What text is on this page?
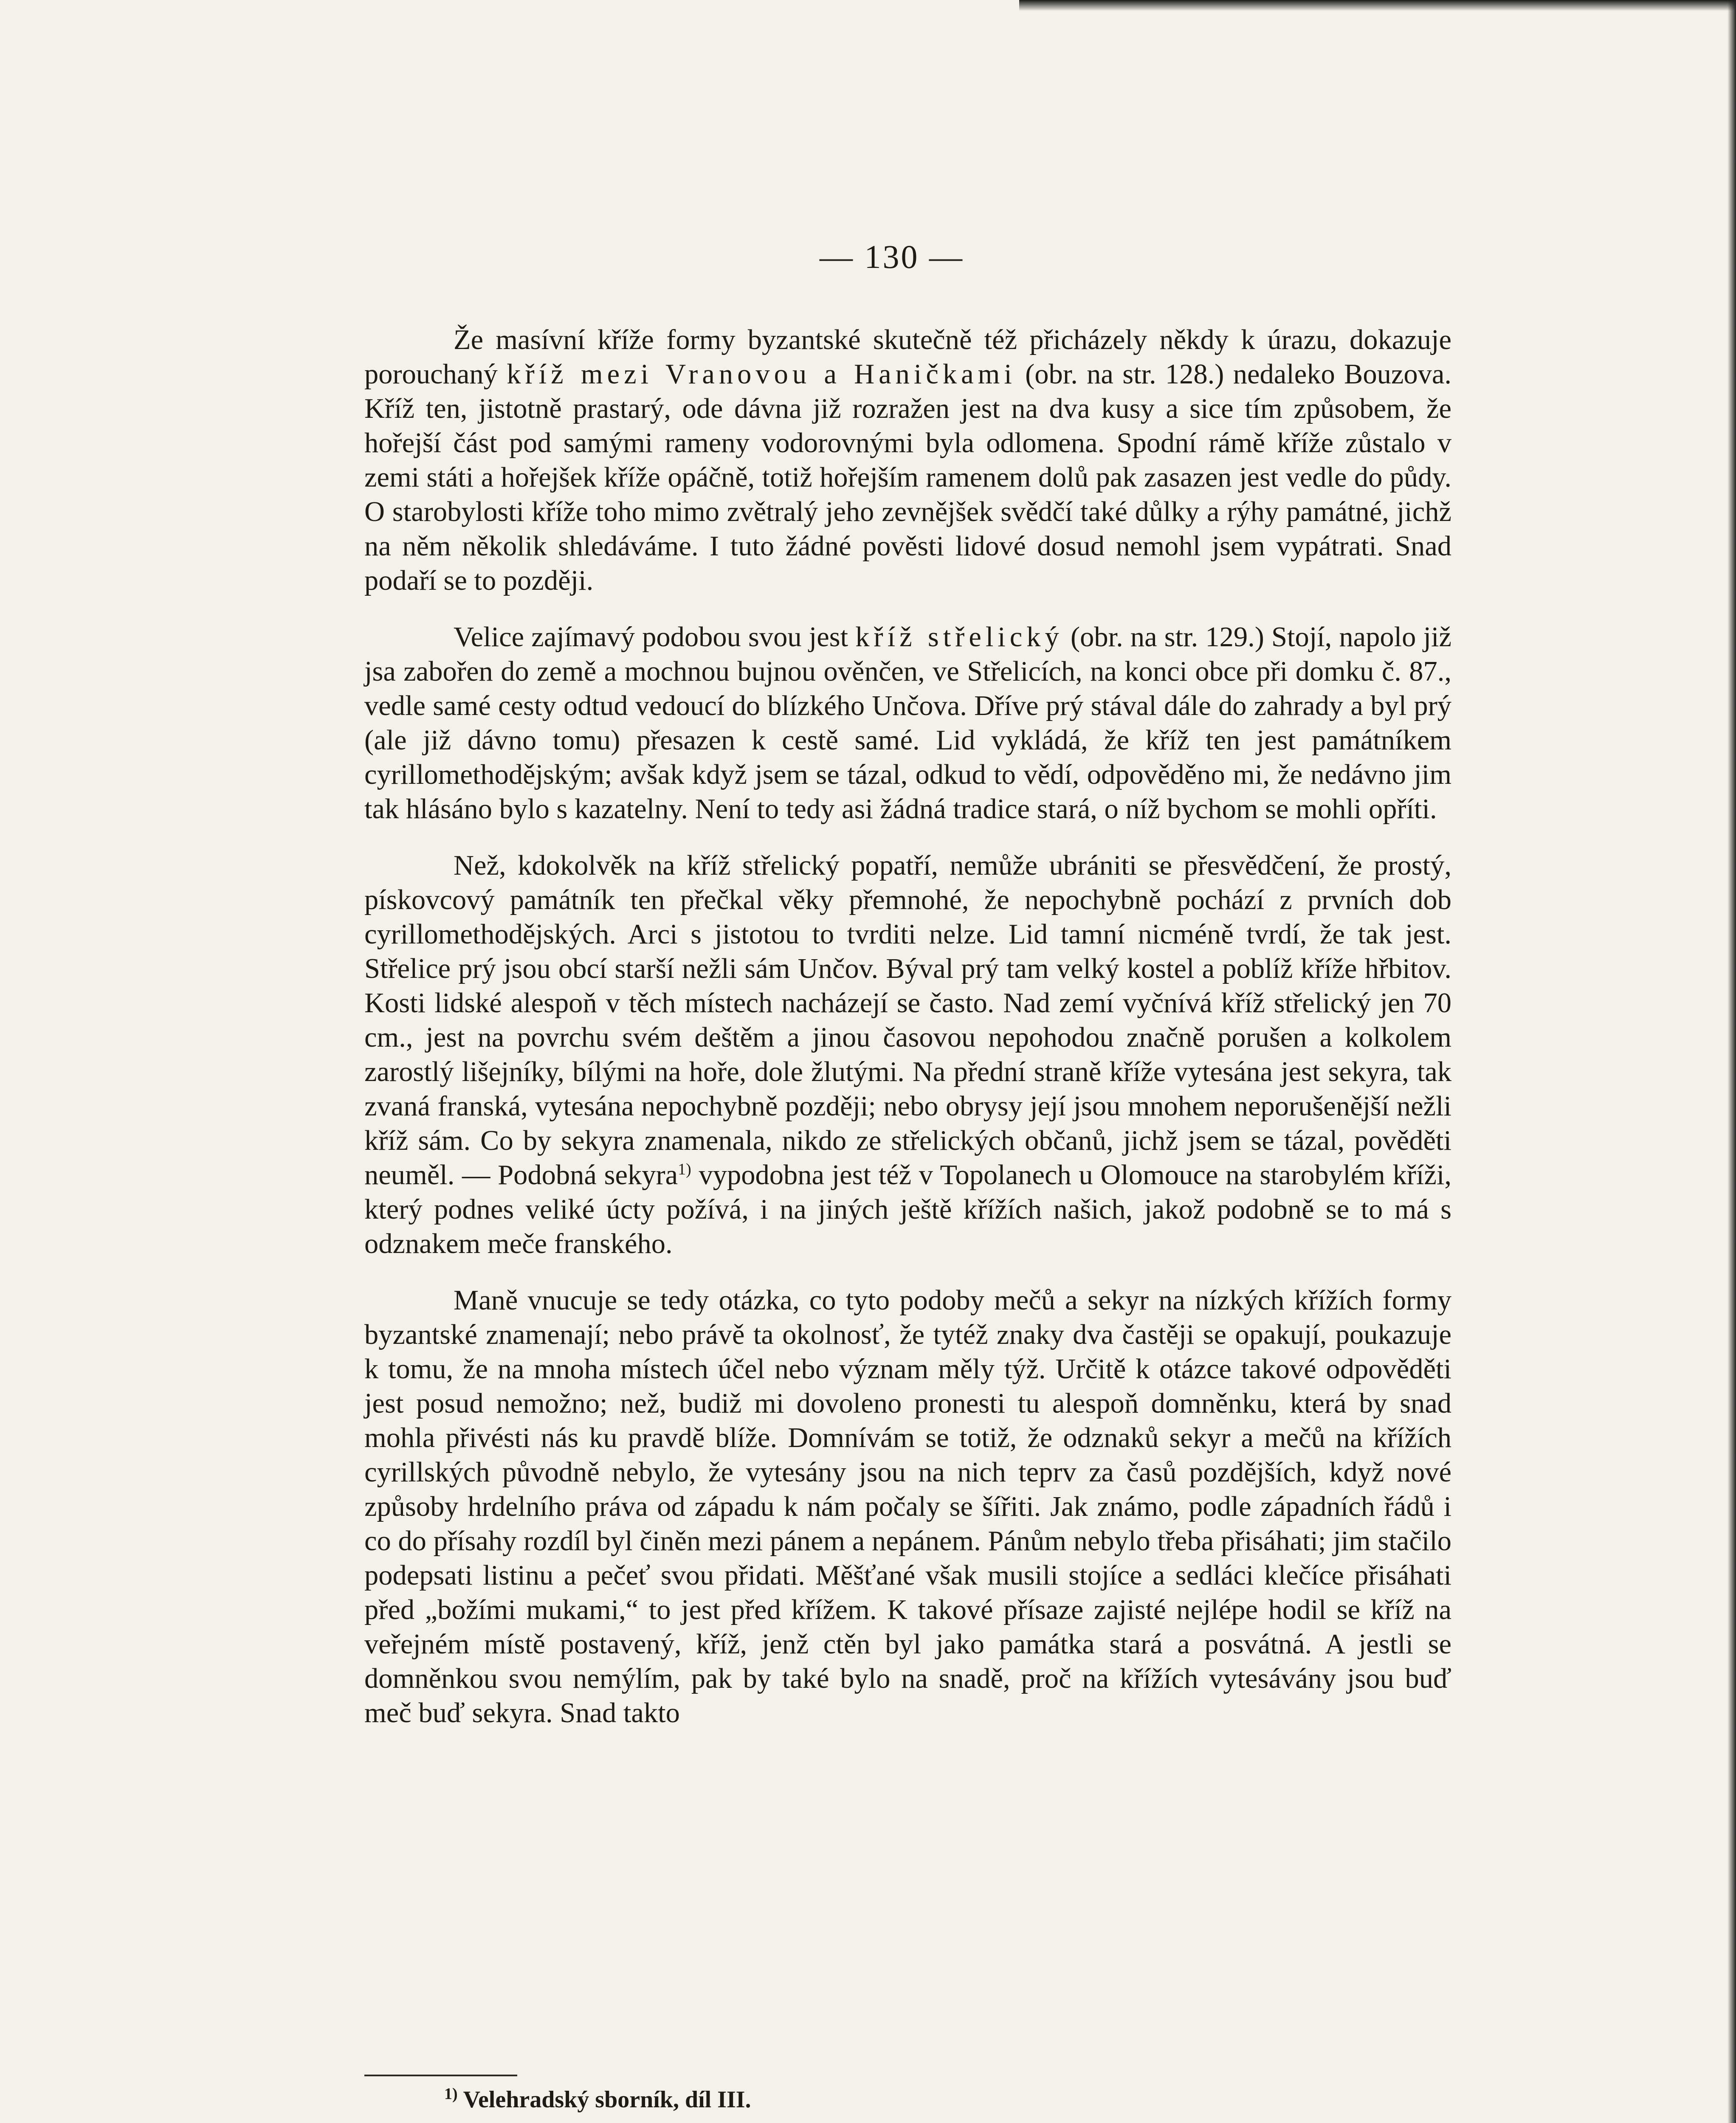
— 130 —

Že masívní kříže formy byzantské skutečně též přicházely někdy k úrazu, dokazuje porouchaný kříž mezi Vranovou a Haničkami (obr. na str. 128.) nedaleko Bouzova. Kříž ten, jistotně prastarý, ode dávna již rozražen jest na dva kusy a sice tím způsobem, že hořejší část pod samými rameny vodorovnými byla odlomena. Spodní rámě kříže zůstalo v zemi státi a hořejšek kříže opáčně, totiž hořejším ramenem dolů pak zasazen jest vedle do půdy. O starobylosti kříže toho mimo zvětralý jeho zevnějšek svědčí také důlky a rýhy památné, jichž na něm několik shledáváme. I tuto žádné pověsti lidové dosud nemohl jsem vypátrati. Snad podaří se to později.

Velice zajímavý podobou svou jest kříž střelický (obr. na str. 129.) Stojí, napolo již jsa zabořen do země a mochnou bujnou ověnčen, ve Střelicích, na konci obce při domku č. 87., vedle samé cesty odtud vedoucí do blízkého Unčova. Dříve prý stával dále do zahrady a byl prý (ale již dávno tomu) přesazen k cestě samé. Lid vykládá, že kříž ten jest památníkem cyrillomethodějským; avšak když jsem se tázal, odkud to vědí, odpověděno mi, že nedávno jim tak hlásáno bylo s kazatelny. Není to tedy asi žádná tradice stará, o níž bychom se mohli opříti.

Než, kdokolvěk na kříž střelický popatří, nemůže ubrániti se přesvědčení, že prostý, pískovcový památník ten přečkal věky přemnohé, že nepochybně pochází z prvních dob cyrillomethodějských. Arci s jistotou to tvrditi nelze. Lid tamní nicméně tvrdí, že tak jest. Střelice prý jsou obcí starší nežli sám Unčov. Býval prý tam velký kostel a poblíž kříže hřbitov. Kosti lidské alespoň v těch místech nacházejí se často. Nad zemí vyčnívá kříž střelický jen 70 cm., jest na povrchu svém deštěm a jinou časovou nepohodou značně porušen a kolkolem zarostlý lišejníky, bílými na hoře, dole žlutými. Na přední straně kříže vytesána jest sekyra, tak zvaná franská, vytesána nepochybně později; nebo obrysy její jsou mnohem neporušenější nežli kříž sám. Co by sekyra znamenala, nikdo ze střelických občanů, jichž jsem se tázal, pověděti neuměl. — Podobná sekyra$^{1)}$ vypodobna jest též v Topolanech u Olomouce na starobylém kříži, který podnes veliké úcty požívá, i na jiných ještě křížích našich, jakož podobně se to má s odznakem meče franského.

Maně vnucuje se tedy otázka, co tyto podoby mečů a sekyr na nízkých křížích formy byzantské znamenají; nebo právě ta okolnosť, že tytéž znaky dva častěji se opakují, poukazuje k tomu, že na mnoha místech účel nebo význam měly týž. Určitě k otázce takové odpověděti jest posud nemožno; než, budiž mi dovoleno pronesti tu alespoň domněnku, která by snad mohla přivésti nás ku pravdě blíže. Domnívám se totiž, že odznaků sekyr a mečů na křížích cyrillských původně nebylo, že vytesány jsou na nich teprv za časů pozdějších, když nové způsoby hrdelního práva od západu k nám počaly se šířiti. Jak známo, podle západních řádů i co do přísahy rozdíl byl činěn mezi pánem a nepánem. Pánům nebylo třeba přisáhati; jim stačilo podepsati listinu a pečeť svou přidati. Měšťané však musili stojíce a sedláci klečíce přisáhati před „božími mukami,“ to jest před křížem. K takové přísaze zajisté nejlépe hodil se kříž na veřejném místě postavený, kříž, jenž ctěn byl jako památka stará a posvátná. A jestli se domněnkou svou nemýlím, pak by také bylo na snadě, proč na křížích vytesávány jsou buď meč buď sekyra. Snad takto

$^{1)}$ Velehradský sborník, díl III.
